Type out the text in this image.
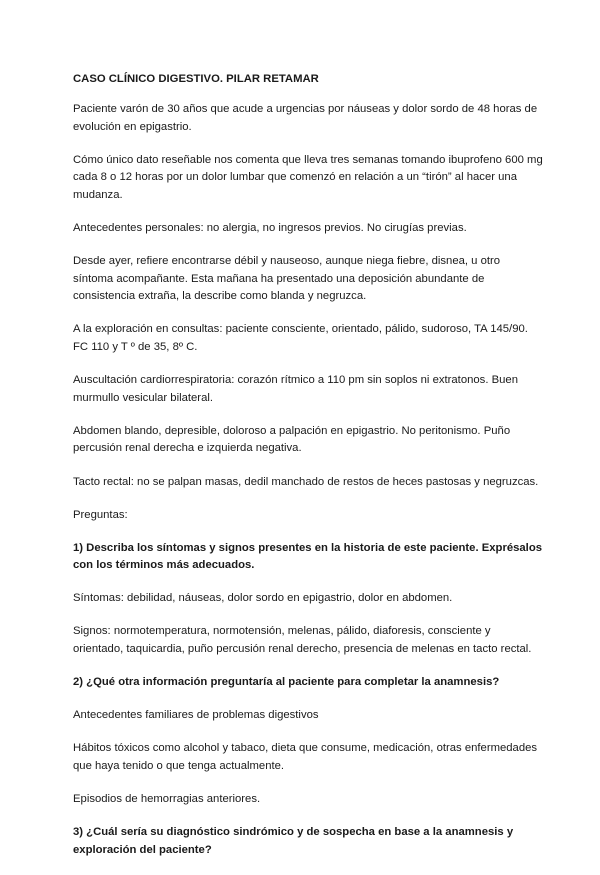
CASO CLÍNICO DIGESTIVO. PILAR RETAMAR

Paciente varón de 30 años que acude a urgencias por náuseas y dolor sordo de 48 horas de evolución en epigastrio.

Cómo único dato reseñable nos comenta que lleva tres semanas tomando ibuprofeno 600 mg cada 8 o 12 horas por un dolor lumbar que comenzó en relación a un “tirón” al hacer una mudanza.

Antecedentes personales: no alergia, no ingresos previos. No cirugías previas.

Desde ayer, refiere encontrarse débil y nauseoso, aunque niega fiebre, disnea, u otro síntoma acompañante. Esta mañana ha presentado una deposición abundante de consistencia extraña, la describe como blanda y negruzca.

A la exploración en consultas: paciente consciente, orientado, pálido, sudoroso, TA 145/90. FC 110 y T º de 35, 8º C.

Auscultación cardiorrespiratoria: corazón rítmico a 110 pm sin soplos ni extratonos. Buen murmullo vesicular bilateral.

Abdomen blando, depresible, doloroso a palpación en epigastrio. No peritonismo. Puño percusión renal derecha e izquierda negativa.

Tacto rectal: no se palpan masas, dedil manchado de restos de heces pastosas y negruzcas.

Preguntas:

1) Describa los síntomas y signos presentes en la historia de este paciente. Exprésalos con los términos más adecuados.

Síntomas: debilidad, náuseas, dolor sordo en epigastrio, dolor en abdomen.

Signos: normotemperatura, normotensión, melenas, pálido, diaforesis, consciente y orientado, taquicardia, puño percusión renal derecho, presencia de melenas en tacto rectal.

2) ¿Qué otra información preguntaría al paciente para completar la anamnesis?

Antecedentes familiares de problemas digestivos

Hábitos tóxicos como alcohol y tabaco, dieta que consume, medicación, otras enfermedades que haya tenido o que tenga actualmente.

Episodios de hemorragias anteriores.

3) ¿Cuál sería su diagnóstico sindrómico y de sospecha en base a la anamnesis y exploración del paciente?
